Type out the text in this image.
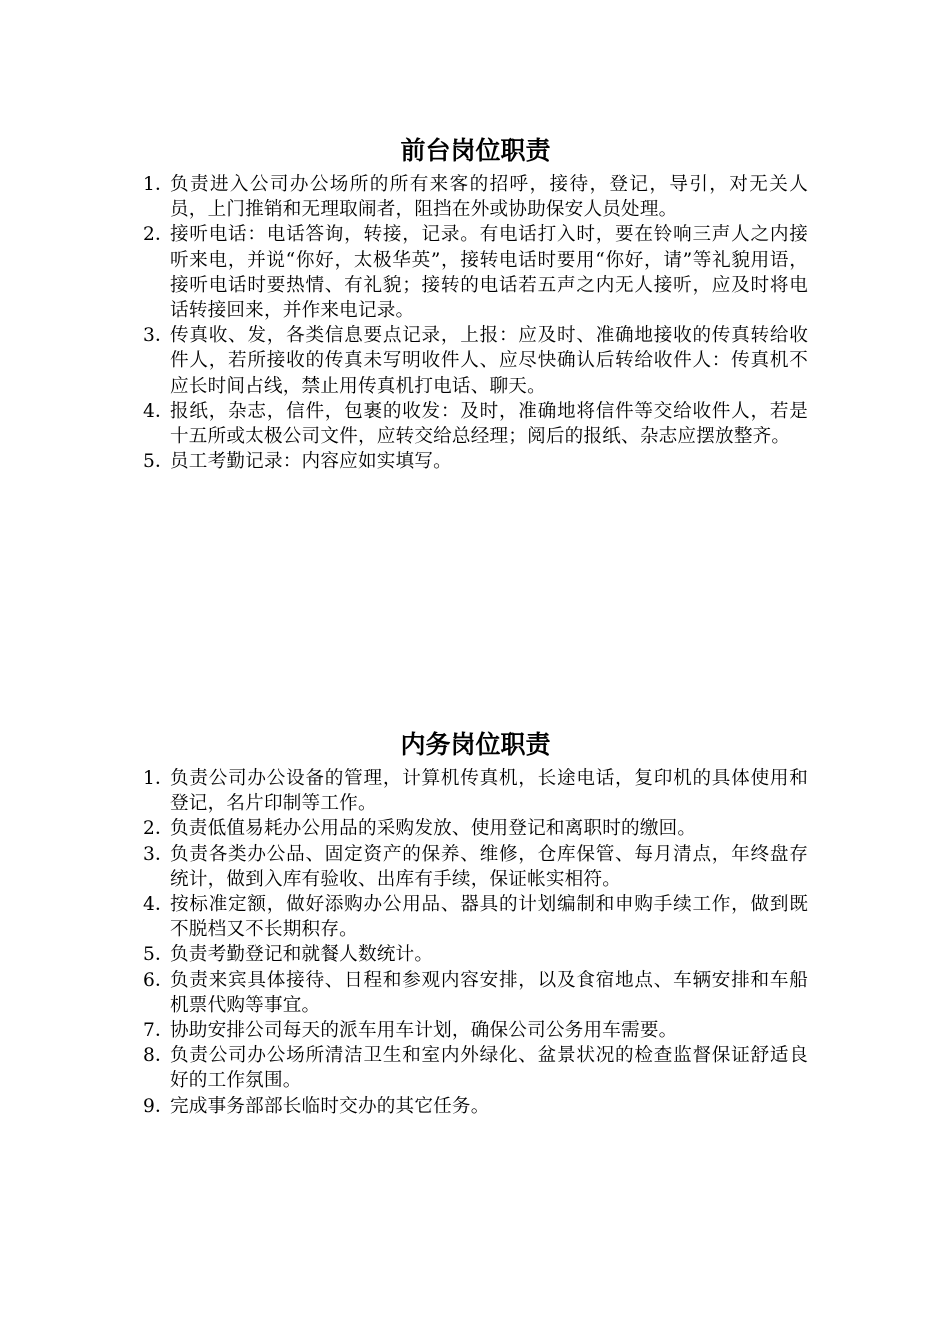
前台岗位职责
1．
负责进入公司办公场所的所有来客的招呼，接待，登记，导引，对无关人员，上门推销和无理取闹者，阻挡在外或协助保安人员处理。
2．
接听电话：电话答询，转接，记录。有电话打入时，要在铃响三声人之内接听来电，并说“你好，太极华英”，接转电话时要用“你好，请”等礼貌用语，接听电话时要热情、有礼貌；接转的电话若五声之内无人接听，应及时将电话转接回来，并作来电记录。
3．
传真收、发，各类信息要点记录，上报：应及时、准确地接收的传真转给收件人，若所接收的传真未写明收件人、应尽快确认后转给收件人：传真机不应长时间占线，禁止用传真机打电话、聊天。
4．
报纸，杂志，信件，包裹的收发：及时，准确地将信件等交给收件人，若是十五所或太极公司文件，应转交给总经理；阅后的报纸、杂志应摆放整齐。
5．
员工考勤记录：内容应如实填写。
内务岗位职责
1．
负责公司办公设备的管理，计算机传真机，长途电话，复印机的具体使用和登记，名片印制等工作。
2．
负责低值易耗办公用品的采购发放、使用登记和离职时的缴回。
3．
负责各类办公品、固定资产的保养、维修，仓库保管、每月清点，年终盘存统计，做到入库有验收、出库有手续，保证帐实相符。
4．
按标准定额，做好添购办公用品、器具的计划编制和申购手续工作，做到既不脱档又不长期积存。
5．
负责考勤登记和就餐人数统计。
6．
负责来宾具体接待、日程和参观内容安排，以及食宿地点、车辆安排和车船机票代购等事宜。
7．
协助安排公司每天的派车用车计划，确保公司公务用车需要。
8．
负责公司办公场所清洁卫生和室内外绿化、盆景状况的检查监督保证舒适良好的工作氛围。
9．
完成事务部部长临时交办的其它任务。
